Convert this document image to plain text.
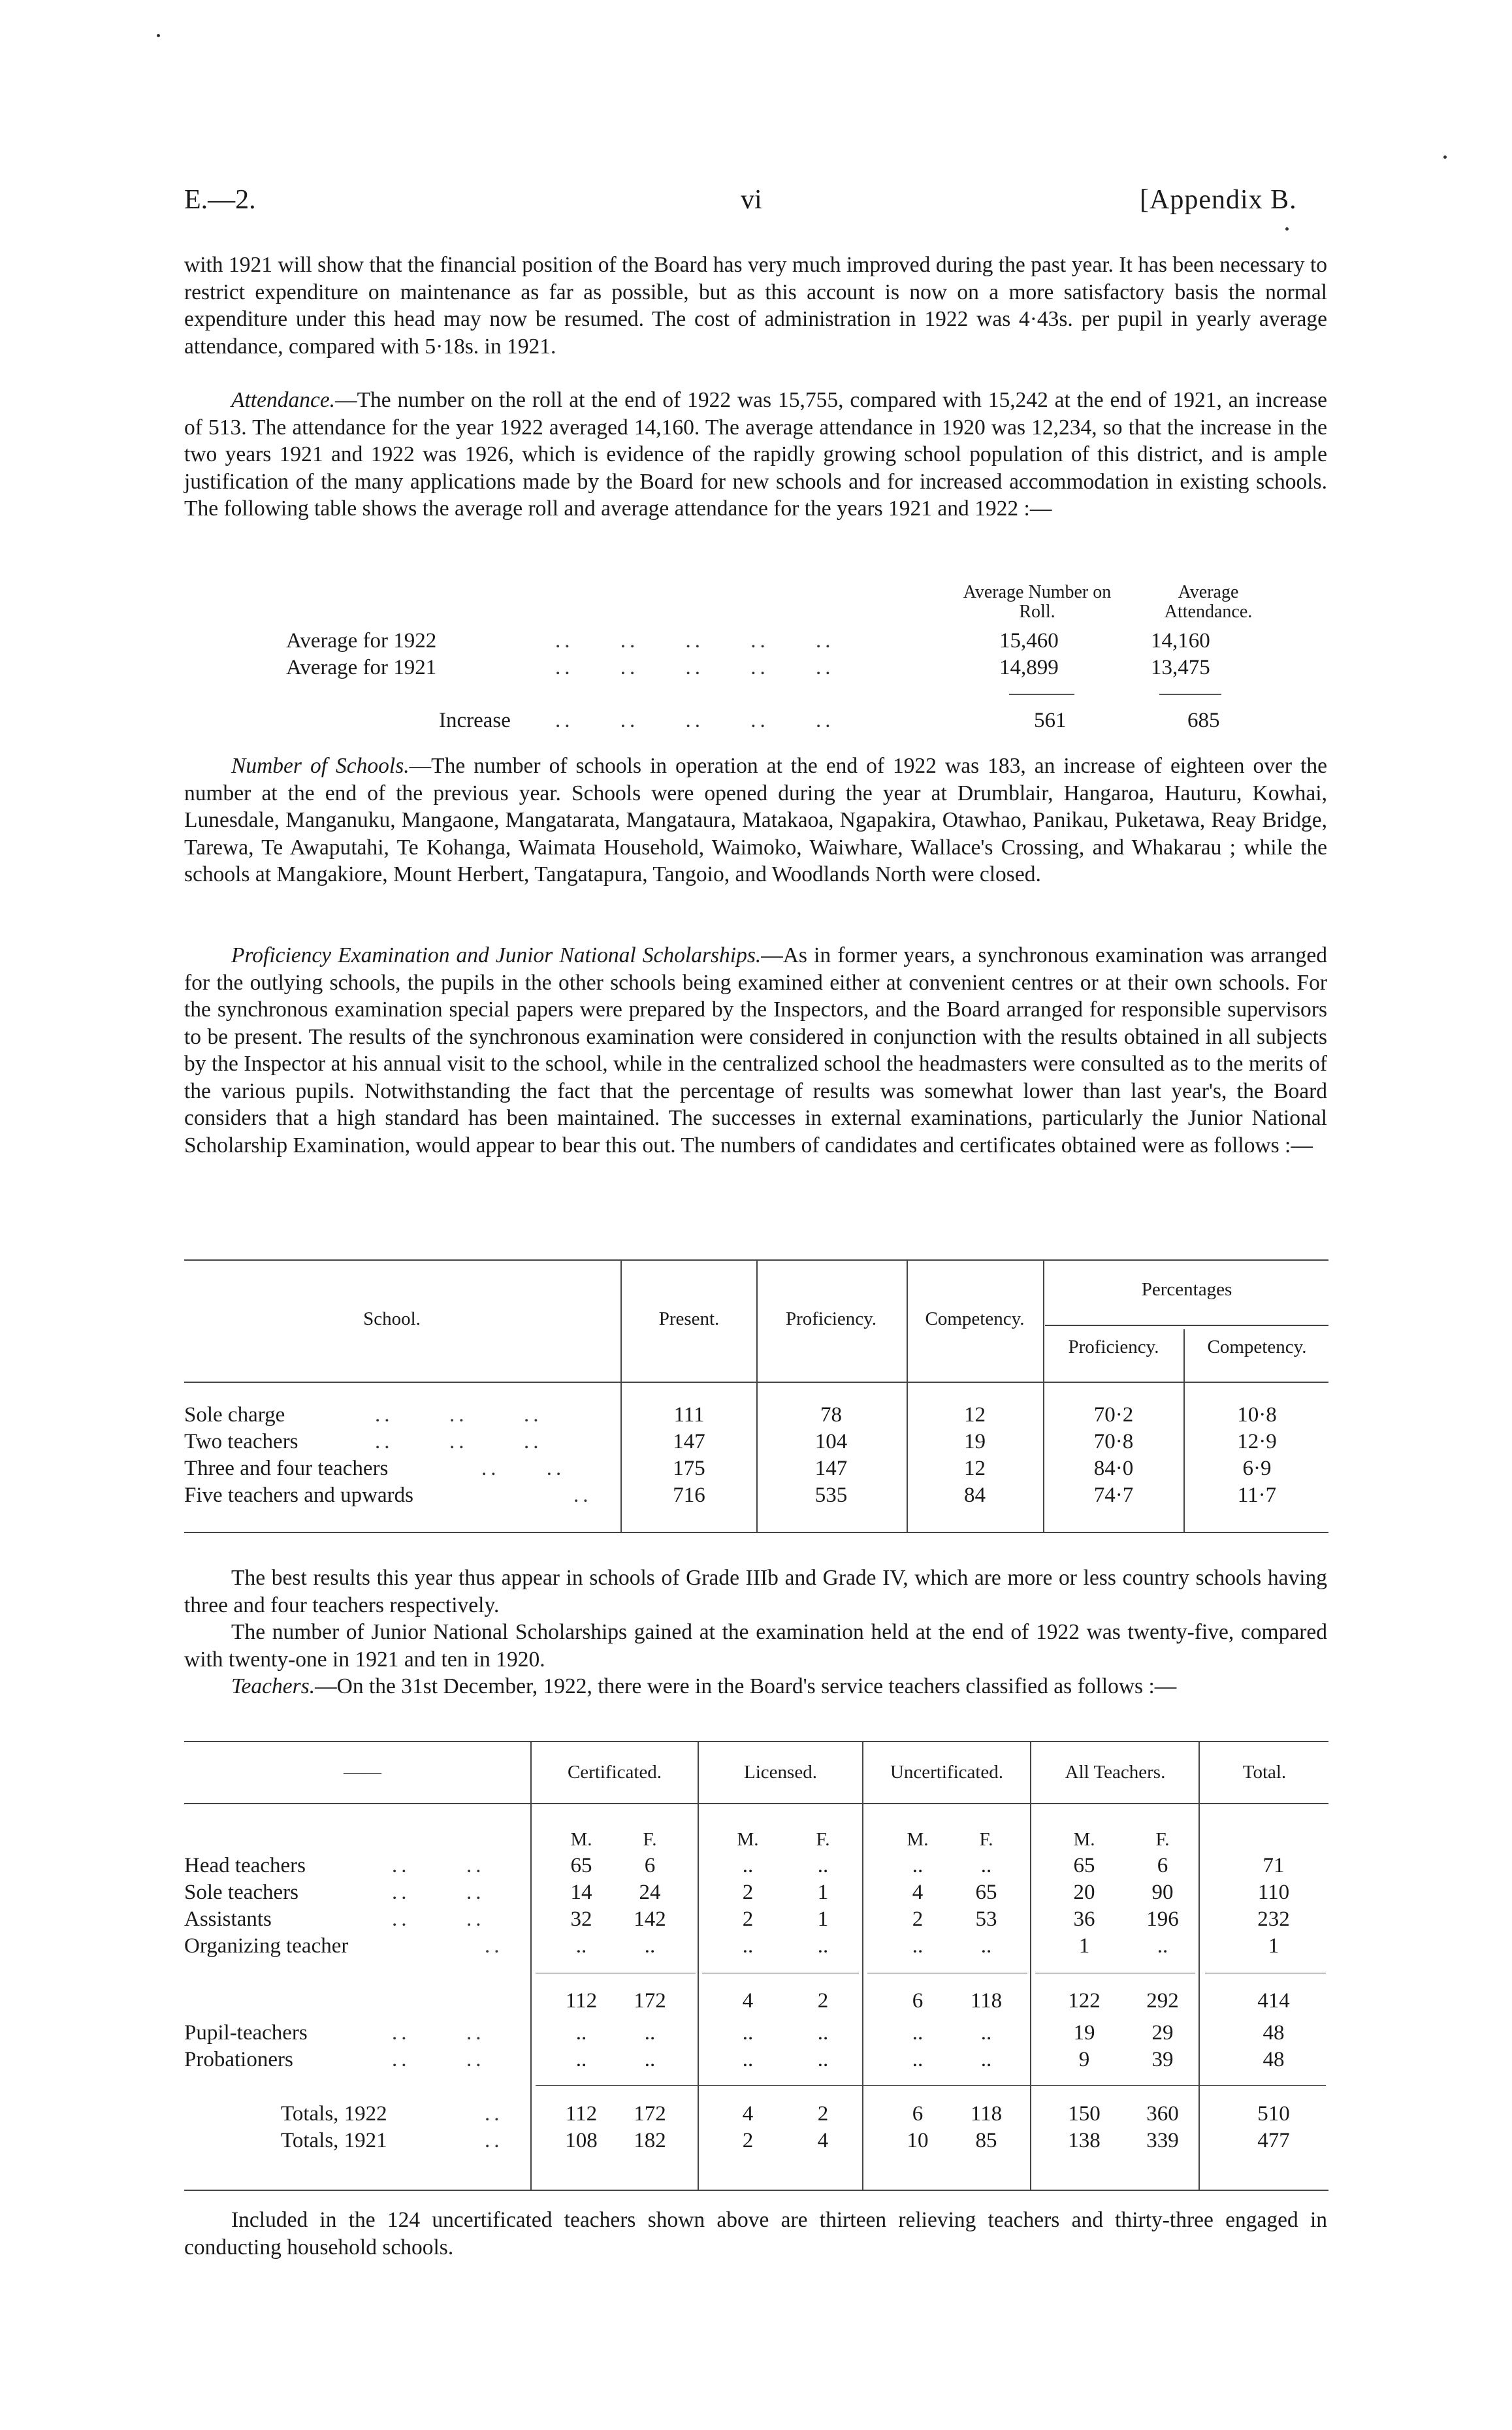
E.—2.	vi	[Appendix B.
with 1921 will show that the financial position of the Board has very much improved during the past year. It has been necessary to restrict expenditure on maintenance as far as possible, but as this account is now on a more satisfactory basis the normal expenditure under this head may now be resumed. The cost of administration in 1922 was 4·43s. per pupil in yearly average attendance, compared with 5·18s. in 1921.
Attendance.—The number on the roll at the end of 1922 was 15,755, compared with 15,242 at the end of 1921, an increase of 513. The attendance for the year 1922 averaged 14,160. The average attendance in 1920 was 12,234, so that the increase in the two years 1921 and 1922 was 1926, which is evidence of the rapidly growing school population of this district, and is ample justification of the many applications made by the Board for new schools and for increased accommodation in existing schools. The following table shows the average roll and average attendance for the years 1921 and 1922 :—
Average Number on Roll.
Average Attendance.
Average for 1922	..     ..     ..     ..     ..	15,460	14,160
Average for 1921	..     ..     ..     ..     ..	14,899	13,475
Increase ..     ..     ..     ..     ..	561	685
Number of Schools.—The number of schools in operation at the end of 1922 was 183, an increase of eighteen over the number at the end of the previous year. Schools were opened during the year at Drumblair, Hangaroa, Hauturu, Kowhai, Lunesdale, Manganuku, Mangaone, Mangatarata, Mangataura, Matakaoa, Ngapakira, Otawhao, Panikau, Puketawa, Reay Bridge, Tarewa, Te Awaputahi, Te Kohanga, Waimata Household, Waimoko, Waiwhare, Wallace's Crossing, and Whakarau ; while the schools at Mangakiore, Mount Herbert, Tangatapura, Tangoio, and Woodlands North were closed.
Proficiency Examination and Junior National Scholarships.—As in former years, a synchronous examination was arranged for the outlying schools, the pupils in the other schools being examined either at convenient centres or at their own schools. For the synchronous examination special papers were prepared by the Inspectors, and the Board arranged for responsible supervisors to be present. The results of the synchronous examination were considered in conjunction with the results obtained in all subjects by the Inspector at his annual visit to the school, while in the centralized school the headmasters were consulted as to the merits of the various pupils. Notwithstanding the fact that the percentage of results was somewhat lower than last year's, the Board considers that a high standard has been maintained. The successes in external examinations, particularly the Junior National Scholarship Examination, would appear to bear this out. The numbers of candidates and certificates obtained were as follows :—
School.	Present.	Proficiency.	Competency.
Percentages
Proficiency.	Competency.
Sole charge	..      ..      ..	111	78	12	70·2	10·8
Two teachers	..      ..      ..	147	104	19	70·8	12·9
Three and four teachers	..     ..	175	147	12	84·0	6·9
Five teachers and upwards	..	716	535	84	74·7	11·7
The best results this year thus appear in schools of Grade IIIb and Grade IV, which are more or less country schools having three and four teachers respectively.
The number of Junior National Scholarships gained at the examination held at the end of 1922 was twenty-five, compared with twenty-one in 1921 and ten in 1920.
Teachers.—On the 31st December, 1922, there were in the Board's service teachers classified as follows :—
——	Certificated.	Licensed.	Uncertificated.	All Teachers.	Total.
M.	F.	M.	F.	M.	F.	M.	F.
Head teachers	..      ..	65	6	..	..	..	..	65	6	71
Sole teachers	..      ..	14	24	2	1	4	65	20	90	110
Assistants	..      ..	32	142	2	1	2	53	36	196	232
Organizing teacher	..	..	..	..	..	..	..	1	..	1
112	172	4	2	6	118	122	292	414
Pupil-teachers	..      ..	..	..	..	..	..	..	19	29	48
Probationers	..      ..	..	..	..	..	..	..	9	39	48
Totals, 1922	..	112	172	4	2	6	118	150	360	510
Totals, 1921	..	108	182	2	4	10	85	138	339	477
Included in the 124 uncertificated teachers shown above are thirteen relieving teachers and thirty-three engaged in conducting household schools.
